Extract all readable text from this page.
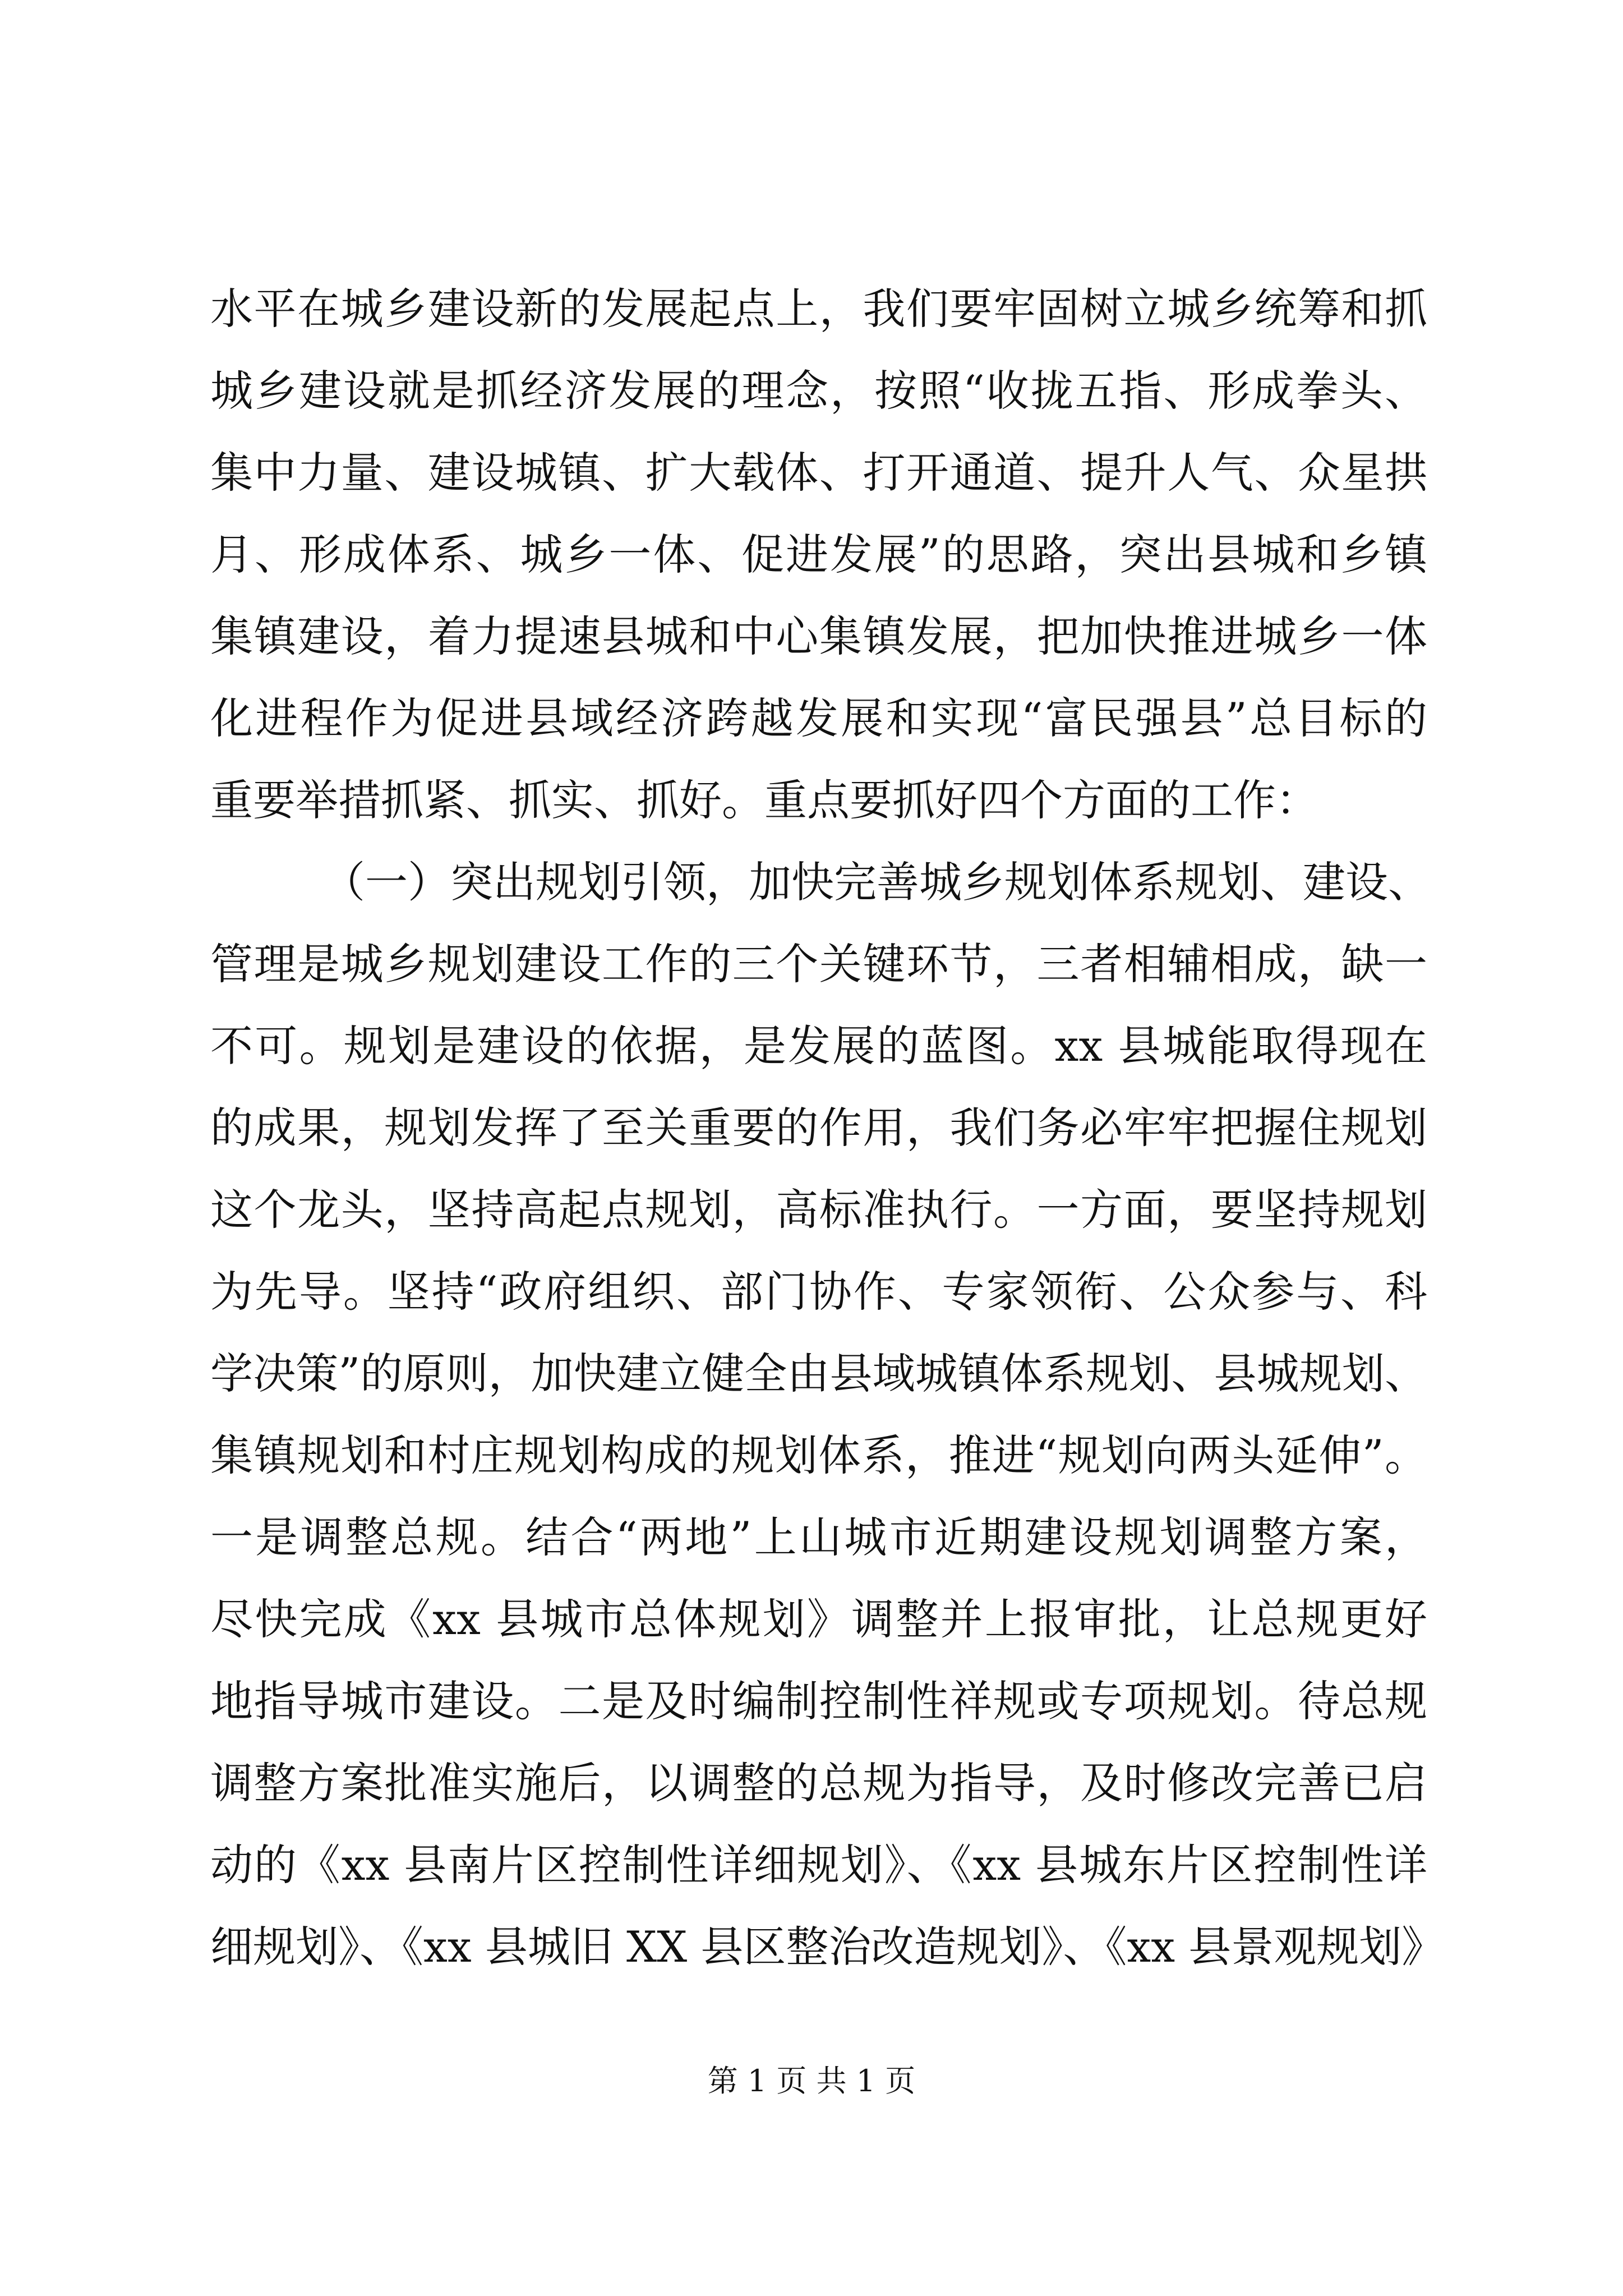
水平在城乡建设新的发展起点上，我们要牢固树立城乡统筹和抓
城乡建设就是抓经济发展的理念，按照“收拢五指、形成拳头、
集中力量、建设城镇、扩大载体、打开通道、提升人气、众星拱
月、形成体系、城乡一体、促进发展”的思路，突出县城和乡镇
集镇建设，着力提速县城和中心集镇发展，把加快推进城乡一体
化进程作为促进县域经济跨越发展和实现“富民强县”总目标的
重要举措抓紧、抓实、抓好。重点要抓好四个方面的工作：
（一）突出规划引领，加快完善城乡规划体系规划、建设、
管理是城乡规划建设工作的三个关键环节，三者相辅相成，缺一
不可。规划是建设的依据，是发展的蓝图。xx 县城能取得现在
的成果，规划发挥了至关重要的作用，我们务必牢牢把握住规划
这个龙头，坚持高起点规划，高标准执行。一方面，要坚持规划
为先导。坚持“政府组织、部门协作、专家领衔、公众参与、科
学决策”的原则，加快建立健全由县域城镇体系规划、县城规划、
集镇规划和村庄规划构成的规划体系，推进“规划向两头延伸”。
一是调整总规。结合“两地”上山城市近期建设规划调整方案，
尽快完成《xx 县城市总体规划》调整并上报审批，让总规更好
地指导城市建设。二是及时编制控制性祥规或专项规划。待总规
调整方案批准实施后，以调整的总规为指导，及时修改完善已启
动的《xx 县南片区控制性详细规划》、《xx 县城东片区控制性详
细规划》、《xx 县城旧 XX 县区整治改造规划》、《xx 县景观规划》
第 1 页 共 1 页
